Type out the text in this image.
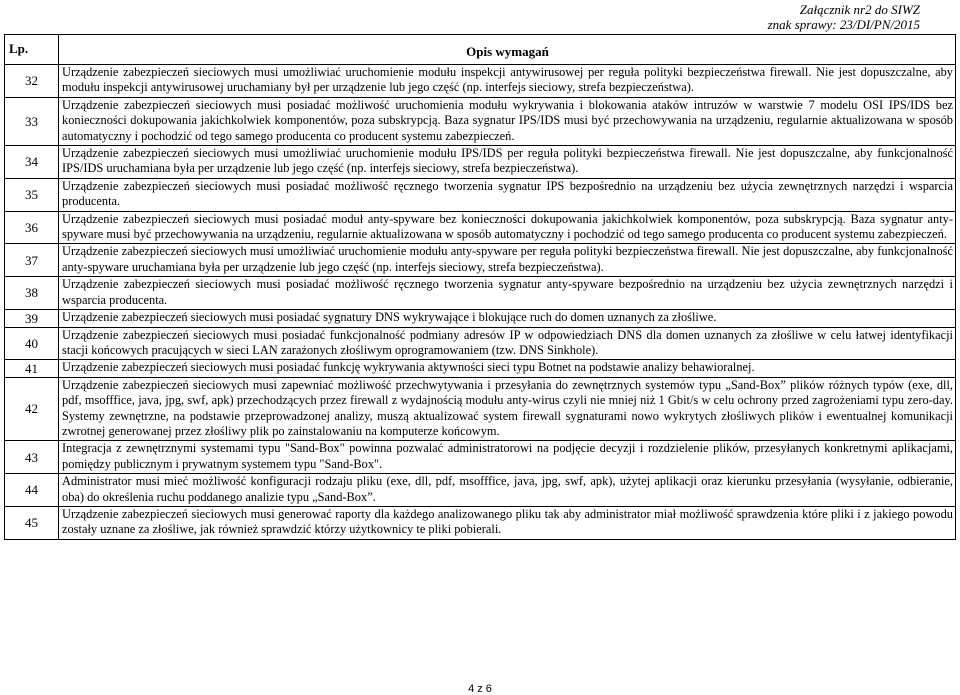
Załącznik nr2 do SIWZ
znak sprawy: 23/DI/PN/2015
Lp.	Opis wymagań
32	Urządzenie zabezpieczeń sieciowych musi umożliwiać uruchomienie modułu inspekcji antywirusowej per reguła polityki bezpieczeństwa firewall. Nie jest dopuszczalne, aby modułu inspekcji antywirusowej uruchamiany był per urządzenie lub jego część (np. interfejs sieciowy, strefa bezpieczeństwa).
33	Urządzenie zabezpieczeń sieciowych musi posiadać możliwość uruchomienia modułu wykrywania i blokowania ataków intruzów w warstwie 7 modelu OSI IPS/IDS bez konieczności dokupowania jakichkolwiek komponentów, poza subskrypcją. Baza sygnatur IPS/IDS musi być przechowywania na urządzeniu, regularnie aktualizowana w sposób automatyczny i pochodzić od tego samego producenta co producent systemu zabezpieczeń.
34	Urządzenie zabezpieczeń sieciowych musi umożliwiać uruchomienie modułu IPS/IDS per reguła polityki bezpieczeństwa firewall. Nie jest dopuszczalne, aby funkcjonalność IPS/IDS uruchamiana była per urządzenie lub jego część (np. interfejs sieciowy, strefa bezpieczeństwa).
35	Urządzenie zabezpieczeń sieciowych musi posiadać możliwość ręcznego tworzenia sygnatur IPS bezpośrednio na urządzeniu bez użycia zewnętrznych narzędzi i wsparcia producenta.
36	Urządzenie zabezpieczeń sieciowych musi posiadać moduł anty-spyware bez konieczności dokupowania jakichkolwiek komponentów, poza subskrypcją. Baza sygnatur anty-spyware musi być przechowywania na urządzeniu, regularnie aktualizowana w sposób automatyczny i pochodzić od tego samego producenta co producent systemu zabezpieczeń.
37	Urządzenie zabezpieczeń sieciowych musi umożliwiać uruchomienie modułu anty-spyware per reguła polityki bezpieczeństwa firewall. Nie jest dopuszczalne, aby funkcjonalność anty-spyware uruchamiana była per urządzenie lub jego część (np. interfejs sieciowy, strefa bezpieczeństwa).
38	Urządzenie zabezpieczeń sieciowych musi posiadać możliwość ręcznego tworzenia sygnatur anty-spyware bezpośrednio na urządzeniu bez użycia zewnętrznych narzędzi i wsparcia producenta.
39	Urządzenie zabezpieczeń sieciowych musi posiadać sygnatury DNS wykrywające i blokujące ruch do domen uznanych za złośliwe.
40	Urządzenie zabezpieczeń sieciowych musi posiadać funkcjonalność podmiany adresów IP w odpowiedziach DNS dla domen uznanych za złośliwe w celu łatwej identyfikacji stacji końcowych pracujących w sieci LAN zarażonych złośliwym oprogramowaniem (tzw. DNS Sinkhole).
41	Urządzenie zabezpieczeń sieciowych musi posiadać funkcję wykrywania aktywności sieci typu Botnet na podstawie analizy behawioralnej.
42	Urządzenie zabezpieczeń sieciowych musi zapewniać możliwość przechwytywania i przesyłania do zewnętrznych systemów typu „Sand-Box” plików różnych typów (exe, dll, pdf, msofffice, java, jpg, swf, apk) przechodzących przez firewall z wydajnością modułu anty-wirus czyli nie mniej niż 1 Gbit/s w celu ochrony przed zagrożeniami typu zero-day. Systemy zewnętrzne, na podstawie przeprowadzonej analizy, muszą aktualizować system firewall sygnaturami nowo wykrytych złośliwych plików i ewentualnej komunikacji zwrotnej generowanej przez złośliwy plik po zainstalowaniu na komputerze końcowym.
43	Integracja z zewnętrznymi systemami typu "Sand-Box" powinna pozwalać administratorowi na podjęcie decyzji i rozdzielenie plików, przesyłanych konkretnymi aplikacjami, pomiędzy publicznym i prywatnym systemem typu "Sand-Box".
44	Administrator musi mieć możliwość konfiguracji rodzaju pliku (exe, dll, pdf, msofffice, java, jpg, swf, apk), użytej aplikacji oraz kierunku przesyłania (wysyłanie, odbieranie, oba) do określenia ruchu poddanego analizie typu „Sand-Box”.
45	Urządzenie zabezpieczeń sieciowych musi generować raporty dla każdego analizowanego pliku tak aby administrator miał możliwość sprawdzenia które pliki i z jakiego powodu zostały uznane za złośliwe, jak również sprawdzić którzy użytkownicy te pliki pobierali.
4 z 6
